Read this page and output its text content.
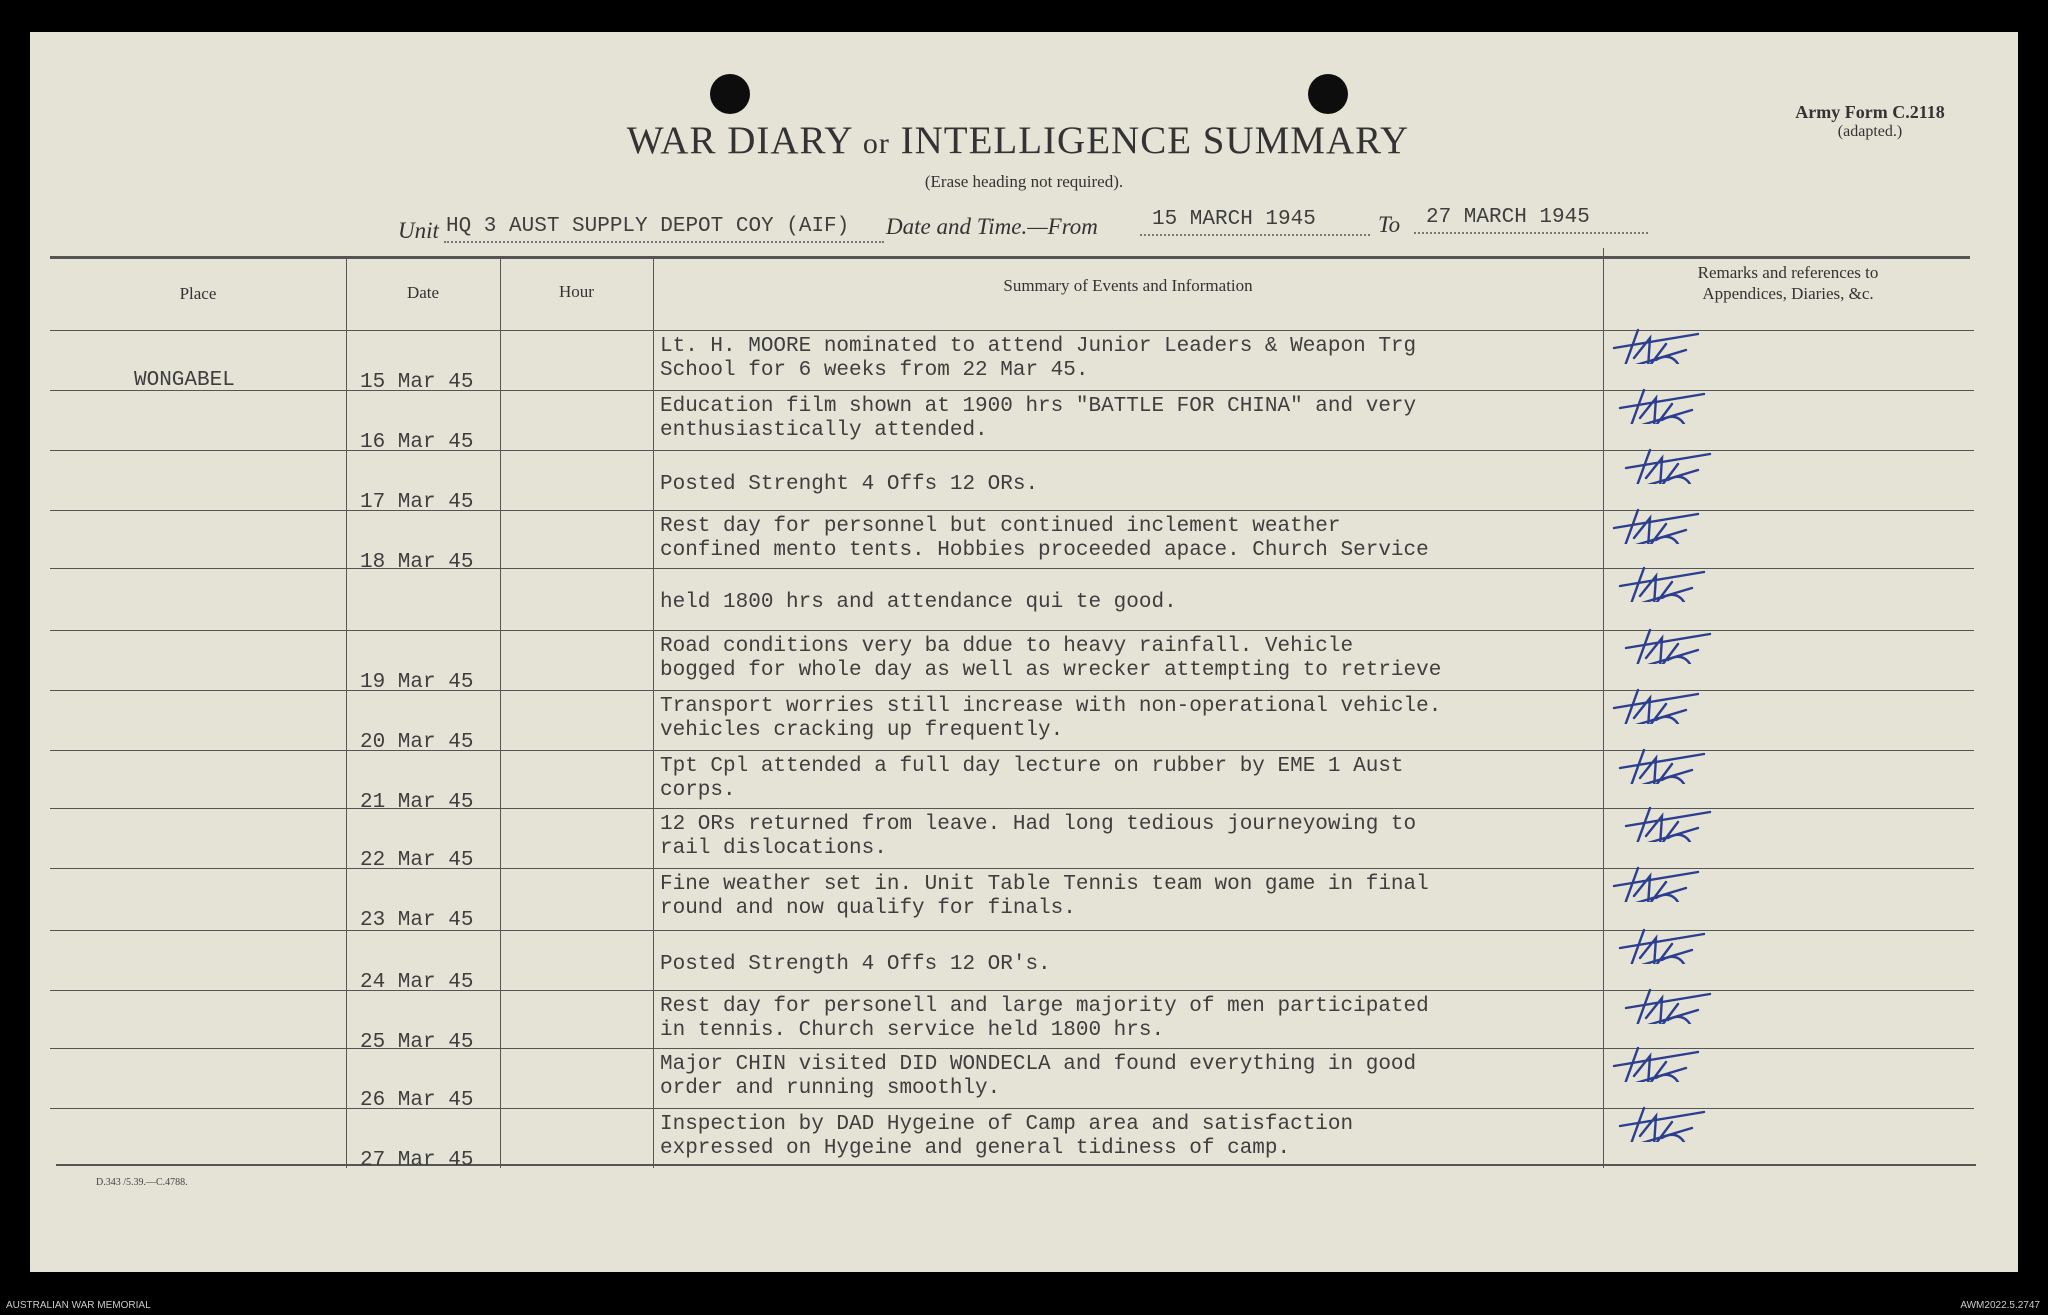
WAR DIARY or INTELLIGENCE SUMMARY
(Erase heading not required).
Army Form C.2118
(adapted.)
Unit HQ 3 AUST SUPPLY DEPOT COY (AIF) Date and Time.—From	15 MARCH 1945	To 27 MARCH 1945
Place	Date	Hour	Summary of Events and Information
Remarks and references to
Appendices, Diaries, &c.
WONGABEL	15 Mar 45
Lt. H. MOORE nominated to attend Junior Leaders & Weapon Trg
School for 6 weeks from 22 Mar 45.
16 Mar 45
Education film shown at 1900 hrs "BATTLE FOR CHINA" and very
enthusiastically attended.
17 Mar 45
Posted Strenght 4 Offs 12 ORs.
18 Mar 45
Rest day for personnel but continued inclement weather
confined mento tents. Hobbies proceeded apace. Church Service
held 1800 hrs and attendance qui te good.
19 Mar 45
Road conditions very ba ddue to heavy rainfall. Vehicle
bogged for whole day as well as wrecker attempting to retrieve
20 Mar 45
Transport worries still increase with non-operational vehicle.
vehicles cracking up frequently.
21 Mar 45
Tpt Cpl attended a full day lecture on rubber by EME 1 Aust
corps.
22 Mar 45
12 ORs returned from leave. Had long tedious journeyowing to
rail dislocations.
23 Mar 45
Fine weather set in. Unit Table Tennis team won game in final
round and now qualify for finals.
24 Mar 45
Posted Strength 4 Offs 12 OR's.
25 Mar 45
Rest day for personell and large majority of men participated
in tennis. Church service held 1800 hrs.
26 Mar 45
Major CHIN visited DID WONDECLA and found everything in good
order and running smoothly.
27 Mar 45
Inspection by DAD Hygeine of Camp area and satisfaction
expressed on Hygeine and general tidiness of camp.
D.343 /5.39.—C.4788.
AUSTRALIAN WAR MEMORIAL	AWM2022.5.2747
